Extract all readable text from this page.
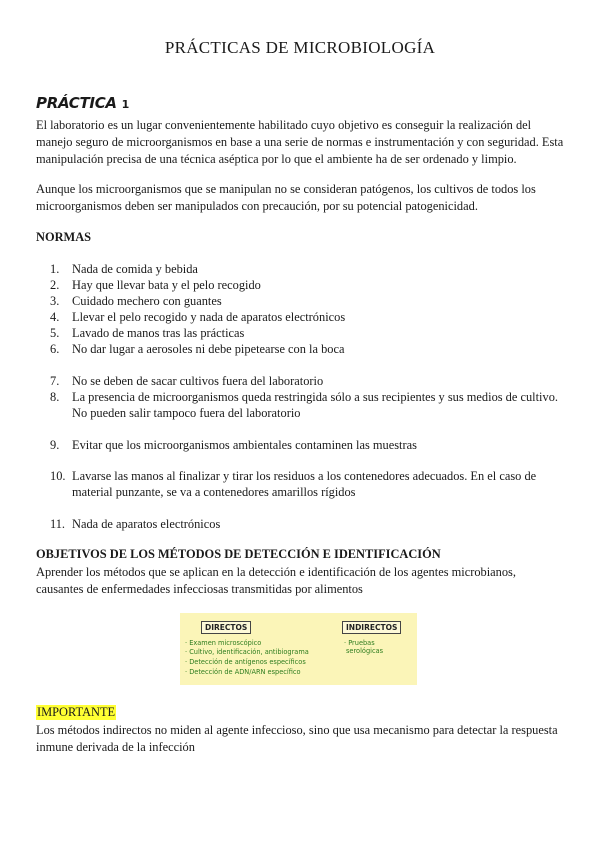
PRÁCTICAS DE MICROBIOLOGÍA
PRÁCTICA 1

El laboratorio es un lugar convenientemente habilitado cuyo objetivo es conseguir la realización del manejo seguro de microorganismos en base a una serie de normas e instrumentación y con seguridad. Esta manipulación precisa de una técnica aséptica por lo que el ambiente ha de ser ordenado y limpio.

Aunque los microorganismos que se manipulan no se consideran patógenos, los cultivos de todos los microorganismos deben ser manipulados con precaución, por su potencial patogenicidad.

NORMAS
1.	Nada de comida y bebida
2.	Hay que llevar bata y el pelo recogido
3.	Cuidado mechero con guantes
4.	Llevar el pelo recogido y nada de aparatos electrónicos
5.	Lavado de manos tras las prácticas
6.	No dar lugar a aerosoles ni debe pipetearse con la boca
7.	No se deben de sacar cultivos fuera del laboratorio
8.	La presencia de microorganismos queda restringida sólo a sus recipientes y sus medios de cultivo. No pueden salir tampoco fuera del laboratorio
9.	Evitar que los microorganismos ambientales contaminen las muestras
10. Lavarse las manos al finalizar y tirar los residuos a los contenedores adecuados. En el caso de material punzante, se va a contenedores amarillos rígidos
11. Nada de aparatos electrónicos
OBJETIVOS DE LOS MÉTODOS DE DETECCIÓN E IDENTIFICACIÓN

Aprender los métodos que se aplican en la detección e identificación de los agentes microbianos, causantes de enfermedades infecciosas transmitidas por alimentos

DIRECTOS	INDIRECTOS
· Examen microscópico
· Cultivo, identificación, antibiograma
· Detección de antígenos específicos
· Detección de ADN/ARN específico
· Pruebas
serológicas
IMPORTANTE

Los métodos indirectos no miden al agente infeccioso, sino que usa mecanismo para detectar la respuesta inmune derivada de la infección
